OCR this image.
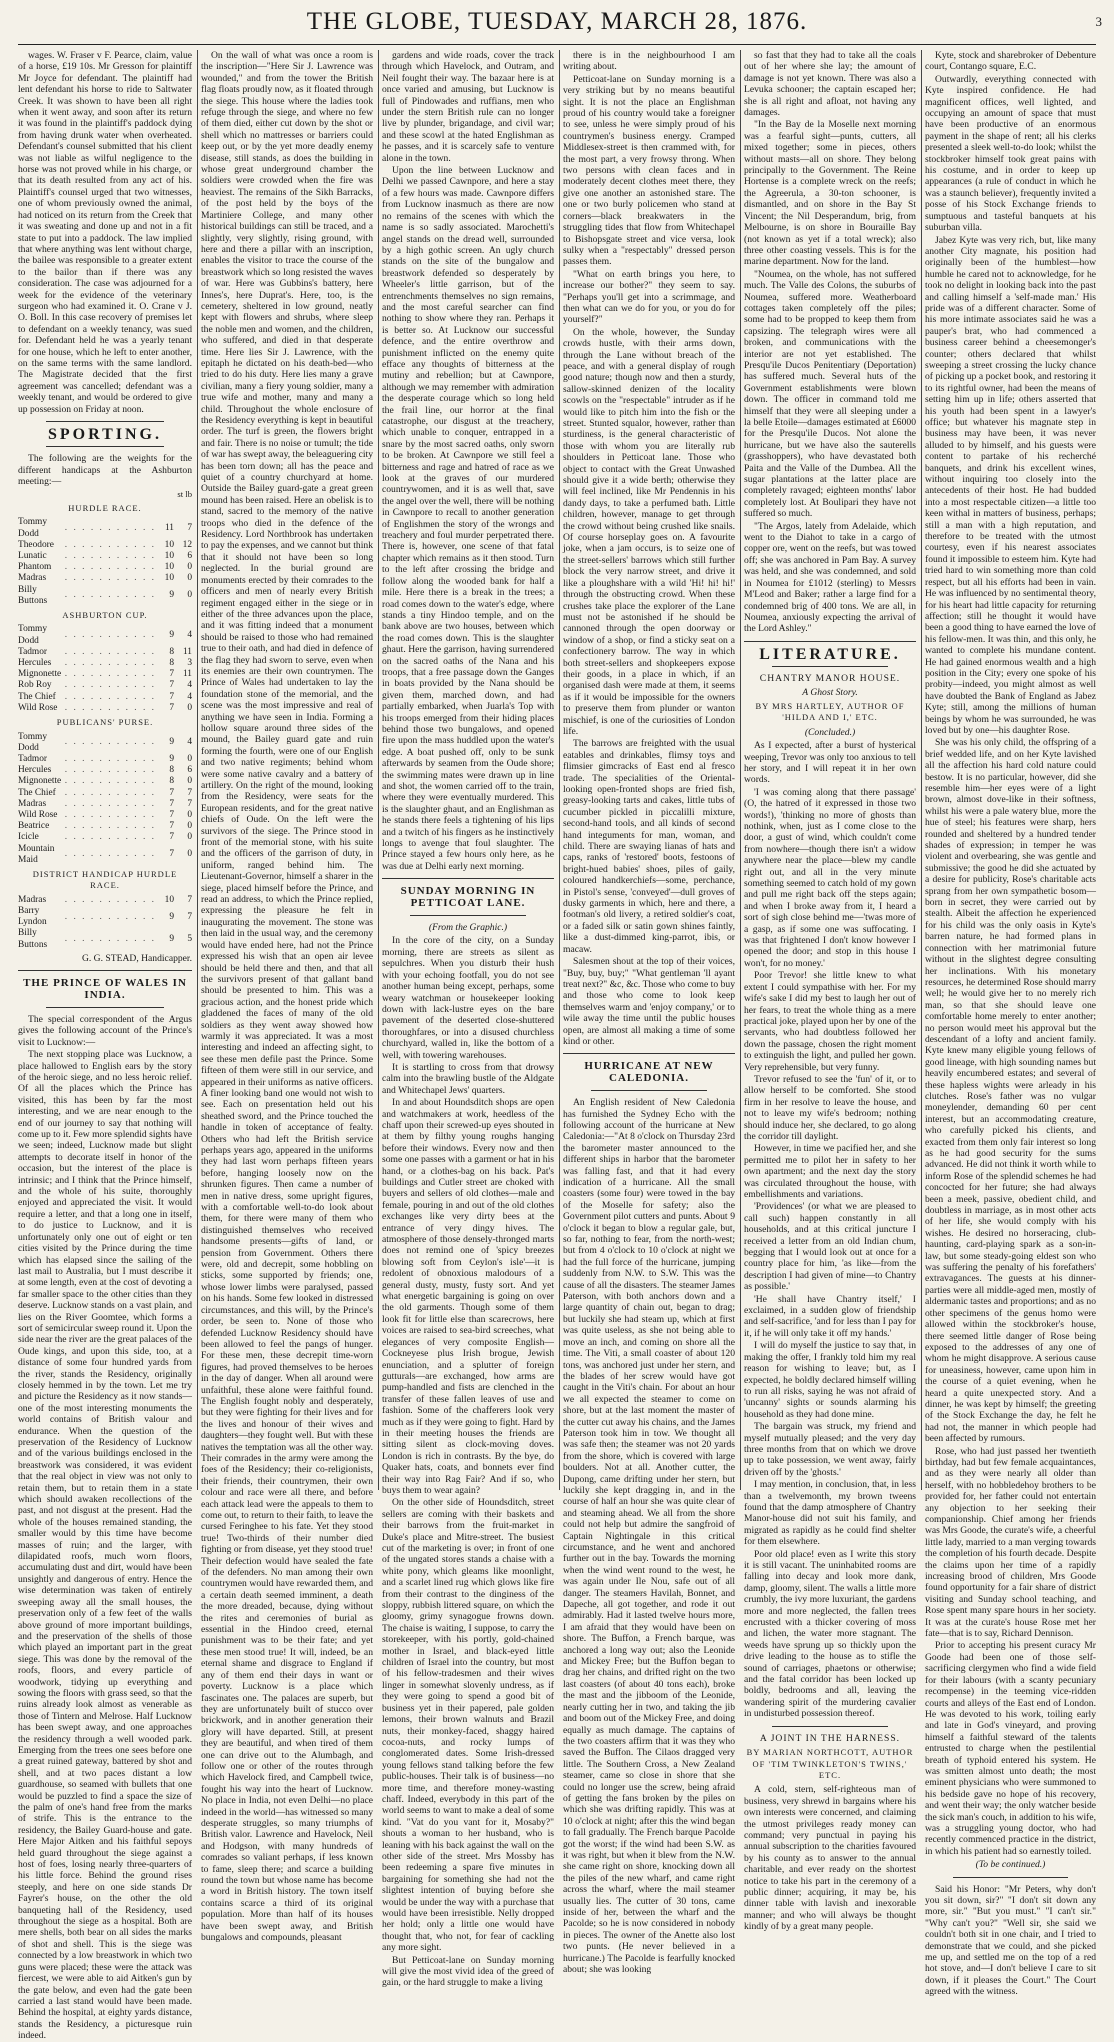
THE GLOBE, TUESDAY, MARCH 28, 1876.	3

wages. W. Fraser v F. Pearce, claim, value of a horse, £19 10s. Mr Gresson for plaintiff Mr Joyce for defendant. The plaintiff had lent defendant his horse to ride to Saltwater Creek. It was shown to have been all right when it went away, and soon after its return it was found in the plaintiff's paddock dying from having drunk water when overheated. Defendant's counsel submitted that his client was not liable as wilful negligence to the horse was not proved while in his charge, or that its death resulted from any act of his. Plaintiff's counsel urged that two witnesses, one of whom previously owned the animal, had noticed on its return from the Creek that it was sweating and done up and not in a fit state to put into a paddock. The law implied that where anything was lent without charge, the bailee was responsible to a greater extent to the bailor than if there was any consideration. The case was adjourned for a week for the evidence of the veterinary surgeon who had examined it. O. Crane v J. O. Boll. In this case recovery of premises let to defendant on a weekly tenancy, was sued for. Defendant held he was a yearly tenant for one house, which he left to enter another, on the same terms with the same landlord. The Magistrate decided that the first agreement was cancelled; defendant was a weekly tenant, and would be ordered to give up possession on Friday at noon.

SPORTING.

The following are the weights for the different handicaps at the Ashburton meeting:—

st lb
HURDLE RACE.
Tommy Dodd	. . . . . . . . . . .	11	7
Theodore	. . . . . . . . . . .	10	12
Lunatic	. . . . . . . . . . .	10	6
Phantom	. . . . . . . . . . .	10	0
Madras	. . . . . . . . . . .	10	0
Billy Buttons	. . . . . . . . . . .	9	0
ASHBURTON CUP.
Tommy Dodd	. . . . . . . . . . .	9	4
Tadmor	. . . . . . . . . . .	8	11
Hercules	. . . . . . . . . . .	8	3
Mignonette	. . . . . . . . . . .	7	11
Rob Roy	. . . . . . . . . . .	7	4
The Chief	. . . . . . . . . . .	7	4
Wild Rose	. . . . . . . . . . .	7	0
PUBLICANS' PURSE.
Tommy Dodd	. . . . . . . . . . .	9	4
Tadmor	. . . . . . . . . . .	9	0
Hercules	. . . . . . . . . . .	8	6
Mignonette	. . . . . . . . . . .	8	0
The Chief	. . . . . . . . . . .	7	7
Madras	. . . . . . . . . . .	7	7
Wild Rose	. . . . . . . . . . .	7	0
Beatrice	. . . . . . . . . . .	7	0
Icicle	. . . . . . . . . . .	7	0
Mountain Maid	. . . . . . . . . . .	7	0
DISTRICT HANDICAP HURDLE RACE.
Madras	. . . . . . . . . . .	10	7
Barry Lyndon	. . . . . . . . . . .	9	7
Billy Buttons	. . . . . . . . . . .	9	5
G. G. STEAD, Handicapper.
THE PRINCE OF WALES IN INDIA.

The special correspondent of the Argus gives the following account of the Prince's visit to Lucknow:—

The next stopping place was Lucknow, a place hallowed to English ears by the story of the heroic siege, and no less heroic relief. Of all the places which the Prince has visited, this has been by far the most interesting, and we are near enough to the end of our journey to say that nothing will come up to it. Few more splendid sights have we seen; indeed, Lucknow made but slight attempts to decorate itself in honor of the occasion, but the interest of the place is intrinsic; and I think that the Prince himself, and the whole of his suite, thoroughly enjoyed and appreciated the visit. It would require a letter, and that a long one in itself, to do justice to Lucknow, and it is unfortunately only one out of eight or ten cities visited by the Prince during the time which has elapsed since the sailing of the last mail to Australia, but I must describe it at some length, even at the cost of devoting a far smaller space to the other cities than they deserve. Lucknow stands on a vast plain, and lies on the River Goomtee, which forms a sort of semicircular sweep round it. Upon the side near the river are the great palaces of the Oude kings, and upon this side, too, at a distance of some four hundred yards from the river, stands the Residency, originally closely hemmed in by the town. Let me try and picture the Residency as it now stands—one of the most interesting monuments the world contains of British valour and endurance. When the question of the preservation of the Residency of Lucknow and of the various buildings enclosed in the breastwork was considered, it was evident that the real object in view was not only to retain them, but to retain them in a state which should awaken recollections of the past, and not disgust at the present. Had the whole of the houses remained standing, the smaller would by this time have become masses of ruin; and the larger, with dilapidated roofs, much worn floors, accumulating dust and dirt, would have been unsightly and dangerous of entry. Hence the wise determination was taken of entirely sweeping away all the small houses, the preservation only of a few feet of the walls above ground of more important buildings, and the preservation of the shells of those which played an important part in the great siege. This was done by the removal of the roofs, floors, and every particle of woodwork, tidying up everything and sowing the floors with grass seed, so that the ruins already look almost as venerable as those of Tintern and Melrose. Half Lucknow has been swept away, and one approaches the residency through a well wooded park. Emerging from the trees one sees before one a great ruined gateway, battered by shot and shell, and at two paces distant a low guardhouse, so seamed with bullets that one would be puzzled to find a space the size of the palm of one's hand free from the marks of strife. This is the entrance to the residency, the Bailey Guard-house and gate. Here Major Aitken and his faithful sepoys held guard throughout the siege against a host of foes, losing nearly three-quarters of his little force. Behind the ground rises steeply, and here on one side stands Dr Fayrer's house, on the other the old banqueting hall of the Residency, used throughout the siege as a hospital. Both are mere shells, both bear on all sides the marks of shot and shell. This is the siege was connected by a low breastwork in which two guns were placed; these were the attack was fiercest, we were able to aid Aitken's gun by the gate below, and even had the gate been carried a last stand would have been made. Behind the hospital, at eighty yards distance, stands the Residency, a picturesque ruin indeed.

On the wall of what was once a room is the inscription—"Here Sir J. Lawrence was wounded," and from the tower the British flag floats proudly now, as it floated through the siege. This house where the ladies took refuge through the siege, and where no few of them died, either cut down by the shot or shell which no mattresses or barriers could keep out, or by the yet more deadly enemy disease, still stands, as does the building in whose great underground chamber the soldiers were crowded when the fire was heaviest. The remains of the Sikh Barracks, of the post held by the boys of the Martiniere College, and many other historical buildings can still be traced, and a slightly, very slightly, rising ground, with here and there a pillar with an inscription, enables the visitor to trace the course of the breastwork which so long resisted the waves of war. Here was Gubbins's battery, here Innes's, here Duprat's. Here, too, is the cemetery, sheltered in low ground, neatly kept with flowers and shrubs, where sleep the noble men and women, and the children, who suffered, and died in that desperate time. Here lies Sir J. Lawrence, with the epitaph he dictated on his death-bed—who tried to do his duty. Here lies many a grave civilian, many a fiery young soldier, many a true wife and mother, many and many a child. Throughout the whole enclosure of the Residency everything is kept in beautiful order. The turf is green, the flowers bright and fair. There is no noise or tumult; the tide of war has swept away, the beleaguering city has been torn down; all has the peace and quiet of a country churchyard at home. Outside the Bailey guard-gate a great green mound has been raised. Here an obelisk is to stand, sacred to the memory of the native troops who died in the defence of the Residency. Lord Northbrook has undertaken to pay the expenses, and we cannot but think that it should not have been so long neglected. In the burial ground are monuments erected by their comrades to the officers and men of nearly every British regiment engaged either in the siege or in either of the three advances upon the place, and it was fitting indeed that a monument should be raised to those who had remained true to their oath, and had died in defence of the flag they had sworn to serve, even when its enemies are their own countrymen. The Prince of Wales had undertaken to lay the foundation stone of the memorial, and the scene was the most impressive and real of anything we have seen in India. Forming a hollow square around three sides of the mound, the Bailey guard gate and ruin forming the fourth, were one of our English and two native regiments; behind whom were some native cavalry and a battery of artillery. On the right of the mound, looking from the Residency, were seats for the European residents, and for the great native chiefs of Oude. On the left were the survivors of the siege. The Prince stood in front of the memorial stone, with his suite and the officers of the garrison of duty, in uniform, ranged behind him. The Lieutenant-Governor, himself a sharer in the siege, placed himself before the Prince, and read an address, to which the Prince replied, expressing the pleasure he felt in inaugurating the movement. The stone was then laid in the usual way, and the ceremony would have ended here, had not the Prince expressed his wish that an open air levee should be held there and then, and that all the survivors present of that gallant band should be presented to him. This was a gracious action, and the honest pride which gladdened the faces of many of the old soldiers as they went away showed how warmly it was appreciated. It was a most interesting and indeed an affecting sight, to see these men defile past the Prince. Some fifteen of them were still in our service, and appeared in their uniforms as native officers. A finer looking band one would not wish to see. Each on presentation held out his sheathed sword, and the Prince touched the handle in token of acceptance of fealty. Others who had left the British service perhaps years ago, appeared in the uniforms they had last worn perhaps fifteen years before, hanging loosely now on the shrunken figures. Then came a number of men in native dress, some upright figures, with a comfortable well-to-do look about them, for there were many of them who distinguished themselves who received handsome presents—gifts of land, or pension from Government. Others there were, old and decrepit, some hobbling on sticks, some supported by friends; one, whose lower limbs were paralysed, passed on his hands. Some few looked in distressed circumstances, and this will, by the Prince's order, be seen to. None of those who defended Lucknow Residency should have been allowed to feel the pangs of hunger. For these men, these decrepit time-worn figures, had proved themselves to be heroes in the day of danger. When all around were unfaithful, these alone were faithful found. The English fought nobly and desperately, but they were fighting for their lives and for the lives and honour of their wives and daughters—they fought well. But with these natives the temptation was all the other way. Their comrades in the army were among the foes of the Residency; their co-religionists, their friends, their countrymen, their own colour and race were all there, and before each attack lead were the appeals to them to come out, to return to their faith, to leave the cursed Feringhee to his fate. Yet they stood true! Two-thirds of their number died fighting or from disease, yet they stood true! Their defection would have sealed the fate of the defenders. No man among their own countrymen would have rewarded them, and a certain death seemed imminent, a death the more dreaded, because, dying without the rites and ceremonies of burial as essential in the Hindoo creed, eternal punishment was to be their fate; and yet these men stood true! It will, indeed, be an eternal shame and disgrace to England if any of them end their days in want or poverty. Lucknow is a place which fascinates one. The palaces are superb, but they are unfortunately built of stucco over brickwork, and in another generation their glory will have departed. Still, at present they are beautiful, and when tired of them one can drive out to the Alumbagh, and follow one or other of the routes through which Havelock fired, and Campbell twice, fought his way into the heart of Lucknow. No place in India, not even Delhi—no place indeed in the world—has witnessed so many desperate struggles, so many triumphs of British valor. Lawrence and Havelock, Neil and Hodgson, with many hundreds of comrades so valiant perhaps, if less known to fame, sleep there; and scarce a building round the town but whose name has become a word in British history. The town itself contains scarce a third of its original population. More than half of its houses have been swept away, and British bungalows and compounds, pleasant

gardens and wide roads, cover the track through which Havelock, and Outram, and Neil fought their way. The bazaar here is at once varied and amusing, but Lucknow is full of Pindowades and ruffians, men who under the stern British rule can no longer live by plunder, brigandage, and civil war; and these scowl at the hated Englishman as he passes, and it is scarcely safe to venture alone in the town.

Upon the line between Lucknow and Delhi we passed Cawnpore, and here a stay of a few hours was made. Cawnpore differs from Lucknow inasmuch as there are now no remains of the scenes with which the name is so sadly associated. Marochetti's angel stands on the dread well, surrounded by a high gothic screen. An ugly church stands on the site of the bungalow and breastwork defended so desperately by Wheeler's little garrison, but of the entrenchments themselves no sign remains, and the most careful searcher can find nothing to show where they ran. Perhaps it is better so. At Lucknow our successful defence, and the entire overthrow and punishment inflicted on the enemy quite efface any thoughts of bitterness at the mutiny and rebellion; but at Cawnpore, although we may remember with admiration the desperate courage which so long held the frail line, our horror at the final catastrophe, our disgust at the treachery, which unable to conquer, entrapped in a snare by the most sacred oaths, only sworn to be broken. At Cawnpore we still feel a bitterness and rage and hatred of race as we look at the graves of our murdered countrywomen, and it is as well that, save the angel over the well, there will be nothing in Cawnpore to recall to another generation of Englishmen the story of the wrongs and treachery and foul murder perpetrated there. There is, however, one scene of that fatal chapter which remains as it then stood. Turn to the left after crossing the bridge and follow along the wooded bank for half a mile. Here there is a break in the trees; a road comes down to the water's edge, where stands a tiny Hindoo temple, and on the bank above are two houses, between which the road comes down. This is the slaughter ghaut. Here the garrison, having surrendered on the sacred oaths of the Nana and his troops, that a free passage down the Ganges in boats provided by the Nana should be given them, marched down, and had partially embarked, when Juarla's Top with his troops emerged from their hiding places behind those two bungalows, and opened fire upon the mass huddled upon the water's edge. A boat pushed off, only to be sunk afterwards by seamen from the Oude shore; the swimming mates were drawn up in line and shot, the women carried off to the train, where they were eventually murdered. This is the slaughter ghaut, and an Englishman as he stands there feels a tightening of his lips and a twitch of his fingers as he instinctively longs to avenge that foul slaughter. The Prince stayed a few hours only here, as he was due at Delhi early next morning.

SUNDAY MORNING IN PETTICOAT LANE.
(From the Graphic.)

In the core of the city, on a Sunday morning, there are streets as silent as sepulchres. When you disturb their hush with your echoing footfall, you do not see another human being except, perhaps, some weary watchman or housekeeper looking down with lack-lustre eyes on the bare pavement of the deserted close-shuttered thoroughfares, or into a disused churchless churchyard, walled in, like the bottom of a well, with towering warehouses.

It is startling to cross from that drowsy calm into the brawling bustle of the Aldgate and Whitechapel Jews' quarters.

In and about Houndsditch shops are open and watchmakers at work, heedless of the chaff upon their screwed-up eyes shouted in at them by filthy young roughs hanging before their windows. Every now and then some one passes with a garment or hat in his hand, or a clothes-bag on his back. Pat's buildings and Cutler street are choked with buyers and sellers of old clothes—male and female, pouring in and out of the old clothes exchanges like very dirty bees at the entrance of very dingy hives. The atmosphere of those densely-thronged marts does not remind one of 'spicy breezes blowing soft from Ceylon's isle'—it is redolent of obnoxious malodours of a general dusty, musty, fusty sort. And yet what energetic bargaining is going on over the old garments. Though some of them look fit for little else than scarecrows, here voices are raised to sea-bird screeches, what elegances of very composite English—Cockneyese plus Irish brogue, Jewish enunciation, and a splutter of foreign gutturals—are exchanged, how arms are pump-handled and fists are clenched in the transfer of these fallen leaves of use and fashion. Some of the chafferers look very much as if they were going to fight. Hard by in their meeting houses the friends are sitting silent as clock-moving doves. London is rich in contrasts. By the bye, do Quaker hats, coats, and bonnets ever find their way into Rag Fair? And if so, who buys them to wear again?

On the other side of Houndsditch, street sellers are coming with their baskets and their barrows from the fruit-market in Duke's place and Mitre-street. The busiest cut of the marketing is over; in front of one of the ungated stores stands a chaise with a white pony, which gleams like moonlight, and a scarlet lined rug which glows like fire from their contrast to the dinginess of the sloppy, rubbish littered square, on which the gloomy, grimy synagogue frowns down. The chaise is waiting, I suppose, to carry the storekeeper, with his portly, gold-chained mother in Israel, and black-eyed little children of Israel into the country, but most of his fellow-tradesmen and their wives linger in somewhat slovenly undress, as if they were going to spend a good bit of business yet in their papered, pale golden lemons, their brown walnuts and Brazil nuts, their monkey-faced, shaggy haired cocoa-nuts, and rocky lumps of conglomerated dates. Some Irish-dressed young fellows stand talking before the few public-houses. Their talk is of business—no more time, and therefore money-wasting chaff. Indeed, everybody in this part of the world seems to want to make a deal of some kind. "Vat do you vant for it, Mosaby?" shouts a woman to her husband, who is leaning with his back against the wall on the other side of the street. Mrs Mossby has been redeeming a spare five minutes in bargaining for something she had not the slightest intention of buying before she would be under the way with a purchase that would have been irresistible. Nelly dropped her hold; only a little one would have thought that, who not, for fear of cackling any more sight.

But Petticoat-lane on Sunday morning will give the most vivid idea of the greed of gain, or the hard struggle to make a living

there is in the neighbourhood I am writing about.

Petticoat-lane on Sunday morning is a very striking but by no means beautiful sight. It is not the place an Englishman proud of his country would take a foreigner to see, unless he were simply proud of his countrymen's business energy. Cramped Middlesex-street is then crammed with, for the most part, a very frowsy throng. When two persons with clean faces and in moderately decent clothes meet there, they give one another an astonished stare. The one or two burly policemen who stand at corners—black breakwaters in the struggling tides that flow from Whitechapel to Bishopsgate street and vice versa, look sulky when a "respectably" dressed person passes them.

"What on earth brings you here, to increase our bother?" they seem to say. "Perhaps you'll get into a scrimmage, and then what can we do for you, or you do for yourself?"

On the whole, however, the Sunday crowds hustle, with their arms down, through the Lane without breach of the peace, and with a general display of rough good nature; though now and then a sturdy, sallow-skinned denizen of the locality scowls on the "respectable" intruder as if he would like to pitch him into the fish or the street. Stunted squalor, however, rather than sturdiness, is the general characteristic of those with whom you are literally rub shoulders in Petticoat lane. Those who object to contact with the Great Unwashed should give it a wide berth; otherwise they will feel inclined, like Mr Pendennis in his dandy days, to take a perfumed bath. Little children, however, manage to get through the crowd without being crushed like snails. Of course horseplay goes on. A favourite joke, when a jam occurs, is to seize one of the street-sellers' barrows which still further block the very narrow street, and drive it like a ploughshare with a wild 'Hi! hi! hi!' through the obstructing crowd. When these crushes take place the explorer of the Lane must not be astonished if he should be cannoned through the open doorway or window of a shop, or find a sticky seat on a confectionery barrow. The way in which both street-sellers and shopkeepers expose their goods, in a place in which, if an organised dash were made at them, it seems as if it would be impossible for the owners to preserve them from plunder or wanton mischief, is one of the curiosities of London life.

The barrows are freighted with the usual eatables and drinkables, flimsy toys and flimsier gimcracks of East end al fresco trade. The specialities of the Oriental-looking open-fronted shops are fried fish, greasy-looking tarts and cakes, little tubs of cucumber pickled in piccalilli mixture, second-hand tools, and all kinds of second hand integuments for man, woman, and child. There are swaying lianas of hats and caps, ranks of 'restored' boots, festoons of bright-hued babies' shoes, piles of gaily, coloured handkerchiefs—some, perchance, in Pistol's sense, 'conveyed'—dull groves of dusky garments in which, here and there, a footman's old livery, a retired soldier's coat, or a faded silk or satin gown shines faintly, like a dust-dimmed king-parrot, ibis, or macaw.

Salesmen shout at the top of their voices, "Buy, buy, buy;" "What gentleman 'll ayant treat next?" &c, &c. Those who come to buy and those who come to look keep themselves warm and 'enjoy company,' or to wile away the time until the public houses open, are almost all making a time of some kind or other.

HURRICANE AT NEW CALEDONIA.

An English resident of New Caledonia has furnished the Sydney Echo with the following account of the hurricane at New Caledonia:—"At 8 o'clock on Thursday 23rd the barometer master announced to the different ships in harbor that the barometer was falling fast, and that it had every indication of a hurricane. All the small coasters (some four) were towed in the bay of the Moselle for safety; also the Government pilot cutters and punts. About 9 o'clock it began to blow a regular gale, but, so far, nothing to fear, from the north-west; but from 4 o'clock to 10 o'clock at night we had the full force of the hurricane, jumping suddenly from N.W. to S.W. This was the cause of all the disasters. The steamer James Paterson, with both anchors down and a large quantity of chain out, began to drag; but luckily she had steam up, which at first was quite useless, as she not being able to move an inch, and coming on shore all the time. The Viti, a small coaster of about 120 tons, was anchored just under her stern, and the blades of her screw would have got caught in the Viti's chain. For about an hour we all expected the steamer to come on shore, but at the last moment the master of the cutter cut away his chains, and the James Paterson took him in tow. We thought all was safe then; the steamer was not 20 yards from the shore, which is covered with large boulders. Not at all. Another cutter, the Dupong, came drifting under her stern, but luckily she kept dragging in, and in the course of half an hour she was quite clear of and steaming ahead. We all from the shore could not help but admire the sangfroid of Captain Nightingale in this critical circumstance, and he went and anchored further out in the bay. Towards the morning when the wind went round to the west, he was again under Ile Nou, safe out of all danger. The steamers Havilah, Bonnet, and Dapeche, all got together, and rode it out admirably. Had it lasted twelve hours more, I am afraid that they would have been on shore. The Buffon, a French barque, was anchored a long way out; also the Leonide and Mickey Free; but the Buffon began to drag her chains, and drifted right on the two last coasters (of about 40 tons each), broke the mast and the jibboom of the Leonide, nearly cutting her in two, and taking the jib and boom out of the Mickey Free, and doing equally as much damage. The captains of the two coasters affirm that it was they who saved the Buffon. The Cilaos dragged very little. The Southern Cross, a New Zealand steamer, came so close in shore that she could no longer use the screw, being afraid of getting the fans broken by the piles on which she was drifting rapidly. This was at 10 o'clock at night; after this the wind began to fall gradually. The French barque Pacolde got the worst; if the wind had been S.W. as it was right, but when it blew from the N.W. she came right on shore, knocking down all the piles of the new wharf, and came right across the wharf, where the mail steamer usually lies. The cutter of 30 tons, came inside of her, between the wharf and the Pacolde; so he is now considered in nobody in pieces. The owner of the Anette also lost two punts. (He never believed in a hurricane.) The Pacolde is fearfully knocked about; she was looking

so fast that they had to take all the coals out of her where she lay; the amount of damage is not yet known. There was also a Levuka schooner; the captain escaped her; she is all right and afloat, not having any damages.

"In the Bay de la Moselle next morning was a fearful sight—punts, cutters, all mixed together; some in pieces, others without masts—all on shore. They belong principally to the Government. The Reine Hortense is a complete wreck on the reefs; the Agreerula, a 30-ton schooner, is dismantled, and on shore in the Bay St Vincent; the Nil Desperandum, brig, from Melbourne, is on shore in Bouraille Bay (not known as yet if a total wreck); also three other coasting vessels. This is for the marine department. Now for the land.

"Noumea, on the whole, has not suffered much. The Valle des Colons, the suburbs of Noumea, suffered more. Weatherboard cottages taken completely off the piles; some had to be propped to keep them from capsizing. The telegraph wires were all broken, and communications with the interior are not yet established. The Presqu'ile Ducos Penitentiary (Deportation) has suffered much. Several huts of the Government establishments were blown down. The officer in command told me himself that they were all sleeping under a la belle Etoile—damages estimated at £6000 for the Presqu'ile Ducos. Not alone the hurricane, but we have also the sauterells (grasshoppers), who have devastated both Paita and the Valle of the Dumbea. All the sugar plantations at the latter place are completely ravaged; eighteen months' labor completely lost. At Boulipari they have not suffered so much.

"The Argos, lately from Adelaide, which went to the Diahot to take in a cargo of copper ore, went on the reefs, but was towed off; she was anchored in Pam Bay. A survey was held, and she was condemned, and sold in Noumea for £1012 (sterling) to Messrs M'Leod and Baker; rather a large find for a condemned brig of 400 tons. We are all, in Noumea, anxiously expecting the arrival of the Lord Ashley."

LITERATURE.
CHANTRY MANOR HOUSE.
A Ghost Story.
BY MRS HARTLEY, AUTHOR OF 'HILDA AND I,' ETC.
(Concluded.)

As I expected, after a burst of hysterical weeping, Trevor was only too anxious to tell her story, and I will repeat it in her own words.

'I was coming along that there passage' (O, the hatred of it expressed in those two words!), 'thinking no more of ghosts than nothink, when, just as I come close to the door, a gust of wind, which couldn't come from nowhere—though there isn't a widow anywhere near the place—blew my candle right out, and all in the very minute something seemed to catch hold of my gown and pull me right back off the steps again; and when I broke away from it, I heard a sort of sigh close behind me—'twas more of a gasp, as if some one was suffocating. I was that frightened I don't know however I opened the door; and stop in this house I won't, for no money.'

Poor Trevor! she little knew to what extent I could sympathise with her. For my wife's sake I did my best to laugh her out of her fears, to treat the whole thing as a mere practical joke, played upon her by one of the servants, who had doubtless followed her down the passage, chosen the right moment to extinguish the light, and pulled her gown. Very reprehensible, but very funny.

Trevor refused to see the 'fun' of it, or to allow herself to be comforted. She stood firm in her resolve to leave the house, and not to leave my wife's bedroom; nothing should induce her, she declared, to go along the corridor till daylight.

However, in time we pacified her, and she permitted me to pilot her in safety to her own apartment; and the next day the story was circulated throughout the house, with embellishments and variations.

'Providences' (or what we are pleased to call such) happen constantly in all households, and at this critical juncture I received a letter from an old Indian chum, begging that I would look out at once for a country place for him, 'as like—from the description I had given of mine—to Chantry as possible.'

'He shall have Chantry itself,' I exclaimed, in a sudden glow of friendship and self-sacrifice, 'and for less than I pay for it, if he will only take it off my hands.'

I will do myself the justice to say that, in making the offer, I frankly told him my real reason for wishing to leave; but, as I expected, he boldly declared himself willing to run all risks, saying he was not afraid of 'uncanny' sights or sounds alarming his household as they had done mine.

The bargain was struck, my friend and myself mutually pleased; and the very day three months from that on which we drove up to take possession, we went away, fairly driven off by the 'ghosts.'

I may mention, in conclusion, that, in less than a twelvemonth, my brown tweens found that the damp atmosphere of Chantry Manor-house did not suit his family, and migrated as rapidly as he could find shelter for them elsewhere.

Poor old place! even as I write this story it is still vacant. The uninhabited rooms are falling into decay and look more dank, damp, gloomy, silent. The walls a little more crumbly, the ivy more luxuriant, the gardens more and more neglected, the fallen trees encrusted with a thicker covering of moss and lichen, the water more stagnant. The weeds have sprung up so thickly upon the drive leading to the house as to stifle the sound of carriages, phaetons or otherwise; and the fatal corridor has been locked up boldly, bedrooms and all, leaving the wandering spirit of the murdering cavalier in undisturbed possession thereof.

A JOINT IN THE HARNESS.
BY MARIAN NORTHCOTT, AUTHOR OF 'TIM TWINKLETON'S TWINS,' ETC.

A cold, stern, self-righteous man of business, very shrewd in bargains where his own interests were concerned, and claiming the utmost privileges ready money can command; very punctual in paying his annual subscription to the charities favoured by his county as to answer to the annual charitable, and ever ready on the shortest notice to take his part in the ceremony of a public dinner; acquiring, it may be, his dinner table with lavish and inexorable manner; and who will always be thought kindly of by a great many people.

Kyte, stock and sharebroker of Debenture court, Contango square, E.C.

Outwardly, everything connected with Kyte inspired confidence. He had magnificent offices, well lighted, and occupying an amount of space that must have been productive of an enormous payment in the shape of rent; all his clerks presented a sleek well-to-do look; whilst the stockbroker himself took great pains with his costume, and in order to keep up appearances (a rule of conduct in which he was a staunch believer), frequently invited a posse of his Stock Exchange friends to sumptuous and tasteful banquets at his suburban villa.

Jabez Kyte was very rich, but, like many another City magnate, his position had originally been of the humblest—how humble he cared not to acknowledge, for he took no delight in looking back into the past and calling himself a 'self-made man.' His pride was of a different character. Some of his more intimate associates said he was a pauper's brat, who had commenced a business career behind a cheesemonger's counter; others declared that whilst sweeping a street crossing the lucky chance of picking up a pocket book, and restoring it to its rightful owner, had been the means of setting him up in life; others asserted that his youth had been spent in a lawyer's office; but whatever his magnate step in business may have been, it was never alluded to by himself, and his guests were content to partake of his recherché banquets, and drink his excellent wines, without inquiring too closely into the antecedents of their host. He had budded into a most respectable citizen—a little too keen withal in matters of business, perhaps; still a man with a high reputation, and therefore to be treated with the utmost courtesy, even if his nearest associates found it impossible to esteem him. Kyte had tried hard to win something more than cold respect, but all his efforts had been in vain. He was influenced by no sentimental theory, for his heart had little capacity for returning affection; still he thought it would have been a good thing to have earned the love of his fellow-men. It was thin, and this only, he wanted to complete his mundane content. He had gained enormous wealth and a high position in the City; every one spoke of his probity—indeed, you might almost as well have doubted the Bank of England as Jabez Kyte; still, among the millions of human beings by whom he was surrounded, he was loved but by one—his daughter Rose.

She was his only child, the offspring of a brief wedded life, and on her Kyte lavished all the affection his hard cold nature could bestow. It is no particular, however, did she resemble him—her eyes were of a light brown, almost dove-like in their softness, whilst his were a pale watery blue, more the hue of steel; his features were sharp, hers rounded and sheltered by a hundred tender shades of expression; in temper he was violent and overbearing, she was gentle and submissive; the good he did she actuated by a desire for publicity, Rose's charitable acts sprang from her own sympathetic bosom—born in secret, they were carried out by stealth. Albeit the affection he experienced for his child was the only oasis in Kyte's barren nature, he had formed plans in connection with her matrimonial future without in the slightest degree consulting her inclinations. With his monetary resources, he determined Rose should marry well; he would give her to no merely rich man, so that she should leave one comfortable home merely to enter another; no person would meet his approval but the descendant of a lofty and ancient family. Kyte knew many eligible young fellows of good lineage, with high sounding names but heavily encumbered estates; and several of these hapless wights were arleady in his clutches. Rose's father was no vulgar moneylender, demanding 60 per cent interest, but an accommodating creature, who carefully picked his clients, and exacted from them only fair interest so long as he had good security for the sums advanced. He did not think it worth while to inform Rose of the splendid schemes he had concocted for her future; she had always been a meek, passive, obedient child, and doubtless in marriage, as in most other acts of her life, she would comply with his wishes. He desired no horseracing, club-haunting, card-playing spark as a son-in-law, but some steady-going eldest son who was suffering the penalty of his forefathers' extravagances. The guests at his dinner-parties were all middle-aged men, mostly of aldermanic tastes and proportions; and as no other specimens of the genus homo were allowed within the stockbroker's house, there seemed little danger of Rose being exposed to the addresses of any one of whom he might disapprove. A serious cause for uneasiness, however, came upon him in the course of a quiet evening, when he heard a quite unexpected story. And a dinner, he was kept by himself; the greeting of the Stock Exchange the day, he felt he had not, the manner in which people had been affected by rumours.

Rose, who had just passed her twentieth birthday, had but few female acquaintances, and as they were nearly all older than herself, with no hobbledehoy brothers to be provided for, her father could not entertain any objection to her seeking their companionship. Chief among her friends was Mrs Goode, the curate's wife, a cheerful little lady, married to a man verging towards the completion of his fourth decade. Despite the claims upon her time of a rapidly increasing brood of children, Mrs Goode found opportunity for a fair share of district visiting and Sunday school teaching, and Rose spent many spare hours in her society. It was at the curate's house Rose met her fate—that is to say, Richard Dennison.

Prior to accepting his present curacy Mr Goode had been one of those self-sacrificing clergymen who find a wide field for their labours (with a scanty pecuniary recompense) in the teeming vice-ridden courts and alleys of the East end of London. He was devoted to his work, toiling early and late in God's vineyard, and proving himself a faithful steward of the talents entrusted to charge when the pestilential breath of typhoid entered his system. He was smitten almost unto death; the most eminent physicians who were summoned to his bedside gave no hope of his recovery, and went their way; the only watcher beside the sick man's couch, in addition to his wife, was a struggling young doctor, who had recently commenced practice in the district, in which his patient had so earnestly toiled.

(To be continued.)

Said his Honor: "Mr Peters, why don't you sit down, sir?" "I don't sit down any more, sir." "But you must." "I can't sir." "Why can't you?" "Well sir, she said we couldn't both sit in one chair, and I tried to demonstrate that we could, and she picked me up, and settled me on the top of a red hot stove, and—I don't believe I care to sit down, if it pleases the Court." The Court agreed with the witness.
